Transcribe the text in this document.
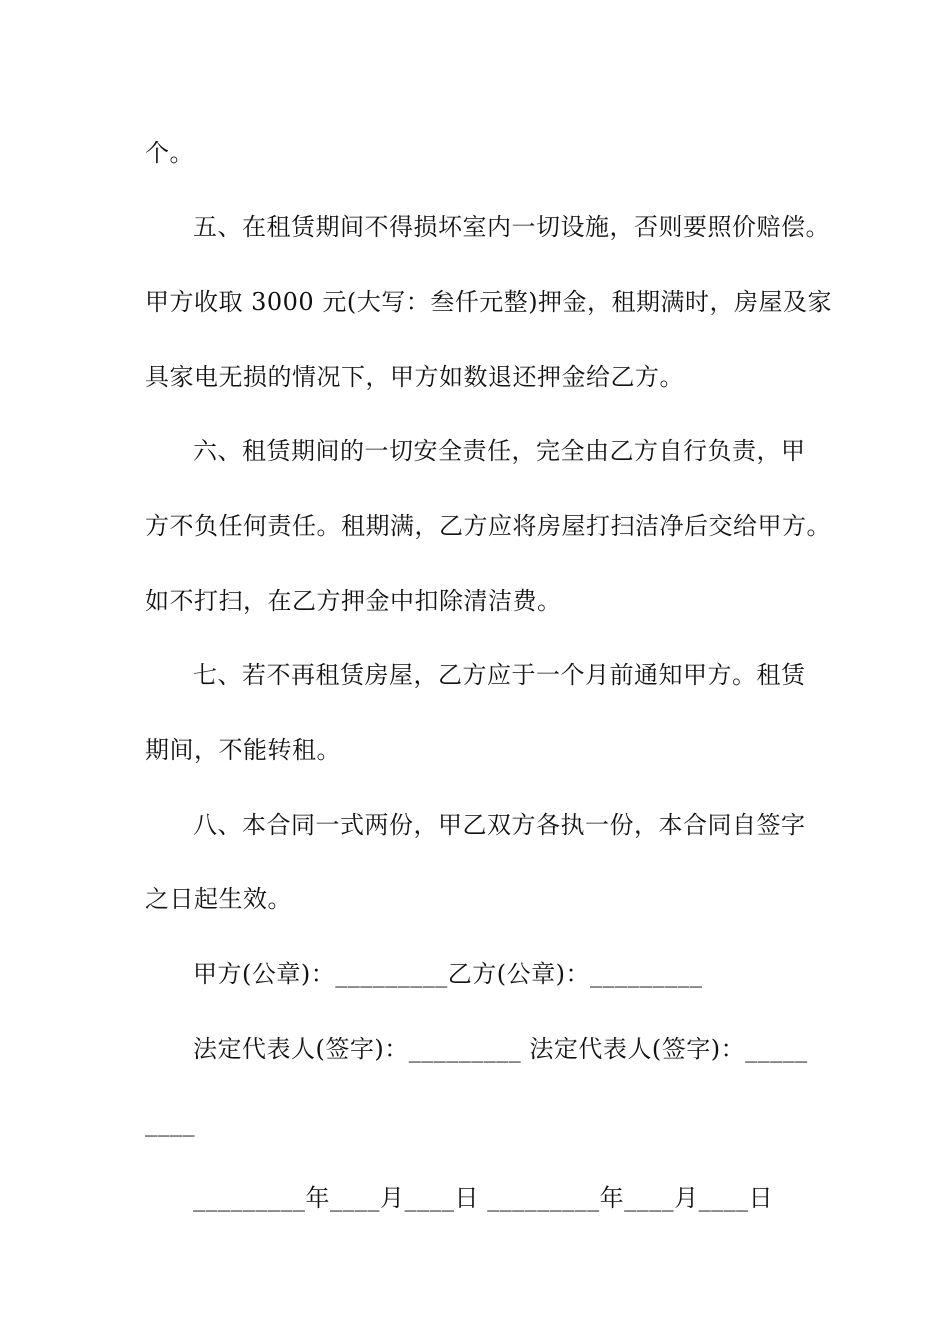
个。
五、在租赁期间不得损坏室内一切设施，否则要照价赔偿。
甲方收取 3000 元(大写：叁仟元整)押金，租期满时，房屋及家
具家电无损的情况下，甲方如数退还押金给乙方。
六、租赁期间的一切安全责任，完全由乙方自行负责，甲
方不负任何责任。租期满，乙方应将房屋打扫洁净后交给甲方。
如不打扫，在乙方押金中扣除清洁费。
七、若不再租赁房屋，乙方应于一个月前通知甲方。租赁
期间，不能转租。
八、本合同一式两份，甲乙双方各执一份，本合同自签字
之日起生效。
甲方(公章)：_________乙方(公章)：_________
法定代表人(签字)：_________ 法定代表人(签字)：_____
____
_________年____月____日 _________年____月____日
